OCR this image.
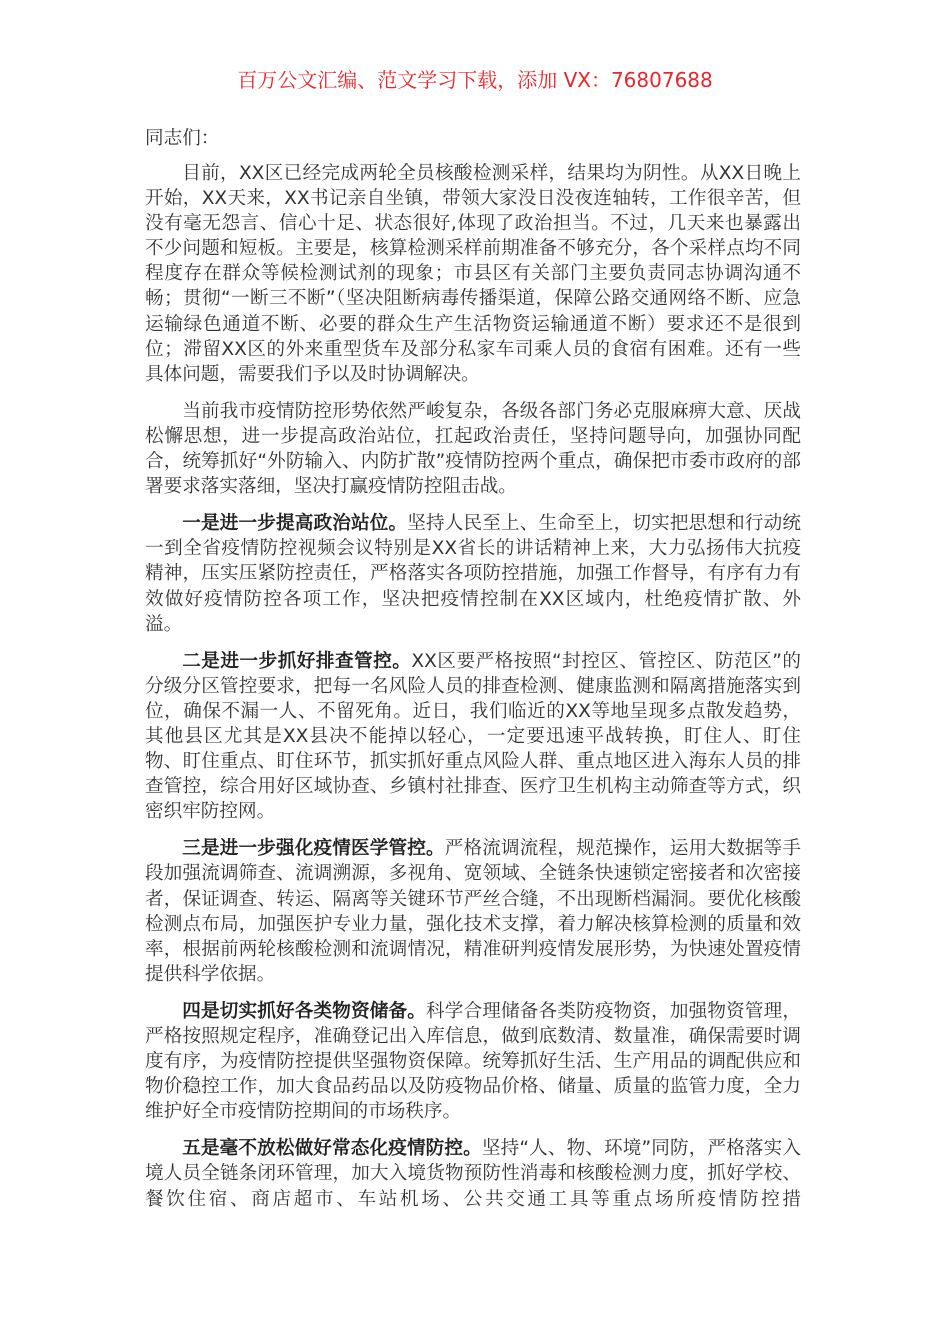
百万公文汇编、范文学习下载，添加 VX：76807688
同志们：

目前，XX区已经完成两轮全员核酸检测采样，结果均为阴性。从XX日晚上开始，XX天来，XX书记亲自坐镇，带领大家没日没夜连轴转，工作很辛苦，但没有毫无怨言、信心十足、状态很好,体现了政治担当。不过，几天来也暴露出不少问题和短板。主要是，核算检测采样前期准备不够充分，各个采样点均不同程度存在群众等候检测试剂的现象；市县区有关部门主要负责同志协调沟通不畅；贯彻“一断三不断”（坚决阻断病毒传播渠道，保障公路交通网络不断、应急运输绿色通道不断、必要的群众生产生活物资运输通道不断）要求还不是很到位；滞留XX区的外来重型货车及部分私家车司乘人员的食宿有困难。还有一些具体问题，需要我们予以及时协调解决。

当前我市疫情防控形势依然严峻复杂，各级各部门务必克服麻痹大意、厌战松懈思想，进一步提高政治站位，扛起政治责任，坚持问题导向，加强协同配合，统筹抓好“外防输入、内防扩散”疫情防控两个重点，确保把市委市政府的部署要求落实落细，坚决打赢疫情防控阻击战。

一是进一步提高政治站位。坚持人民至上、生命至上，切实把思想和行动统一到全省疫情防控视频会议特别是XX省长的讲话精神上来，大力弘扬伟大抗疫精神，压实压紧防控责任，严格落实各项防控措施，加强工作督导，有序有力有效做好疫情防控各项工作，坚决把疫情控制在XX区域内，杜绝疫情扩散、外溢。

二是进一步抓好排查管控。XX区要严格按照“封控区、管控区、防范区”的分级分区管控要求，把每一名风险人员的排查检测、健康监测和隔离措施落实到位，确保不漏一人、不留死角。近日，我们临近的XX等地呈现多点散发趋势，其他县区尤其是XX县决不能掉以轻心，一定要迅速平战转换，盯住人、盯住物、盯住重点、盯住环节，抓实抓好重点风险人群、重点地区进入海东人员的排查管控，综合用好区域协查、乡镇村社排查、医疗卫生机构主动筛查等方式，织密织牢防控网。

三是进一步强化疫情医学管控。严格流调流程，规范操作，运用大数据等手段加强流调筛查、流调溯源，多视角、宽领域、全链条快速锁定密接者和次密接者，保证调查、转运、隔离等关键环节严丝合缝，不出现断档漏洞。要优化核酸检测点布局，加强医护专业力量，强化技术支撑，着力解决核算检测的质量和效率，根据前两轮核酸检测和流调情况，精准研判疫情发展形势，为快速处置疫情提供科学依据。

四是切实抓好各类物资储备。科学合理储备各类防疫物资，加强物资管理，严格按照规定程序，准确登记出入库信息，做到底数清、数量准，确保需要时调度有序，为疫情防控提供坚强物资保障。统筹抓好生活、生产用品的调配供应和物价稳控工作，加大食品药品以及防疫物品价格、储量、质量的监管力度，全力维护好全市疫情防控期间的市场秩序。

五是毫不放松做好常态化疫情防控。坚持“人、物、环境”同防，严格落实入境人员全链条闭环管理，加大入境货物预防性消毒和核酸检测力度，抓好学校、餐饮住宿、商店超市、车站机场、公共交通工具等重点场所疫情防控措
